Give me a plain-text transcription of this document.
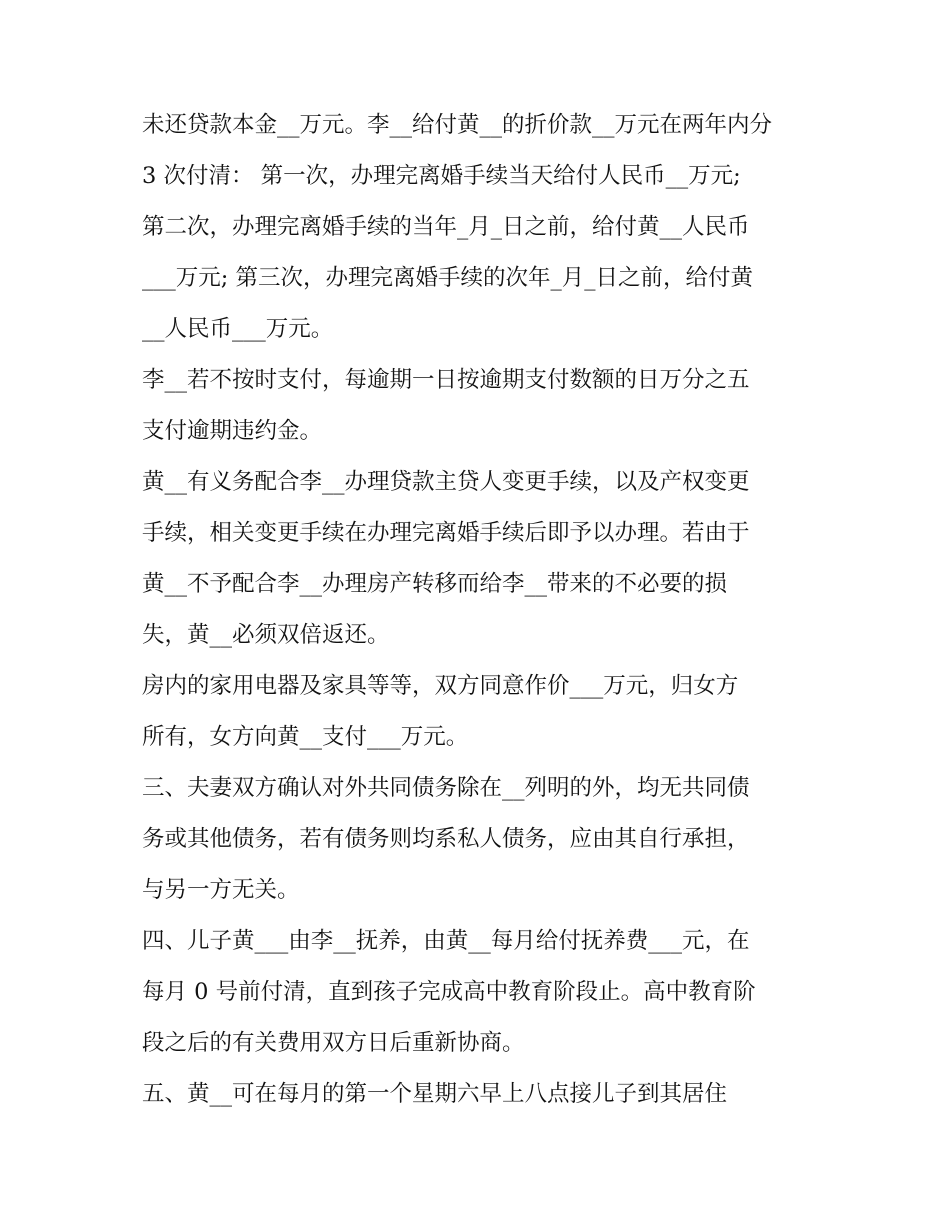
未还贷款本金__万元。李__给付黄__的折价款__万元在两年内分
3 次付清： 第一次，办理完离婚手续当天给付人民币__万元;
第二次，办理完离婚手续的当年_月_日之前，给付黄__人民币
___万元; 第三次，办理完离婚手续的次年_月_日之前，给付黄
__人民币___万元。
李__若不按时支付，每逾期一日按逾期支付数额的日万分之五
支付逾期违约金。
黄__有义务配合李__办理贷款主贷人变更手续，以及产权变更
手续，相关变更手续在办理完离婚手续后即予以办理。若由于
黄__不予配合李__办理房产转移而给李__带来的不必要的损
失，黄__必须双倍返还。
房内的家用电器及家具等等，双方同意作价___万元，归女方
所有，女方向黄__支付___万元。
三、夫妻双方确认对外共同债务除在__列明的外，均无共同债
务或其他债务，若有债务则均系私人债务，应由其自行承担，
与另一方无关。
四、儿子黄___由李__抚养，由黄__每月给付抚养费___元，在
每月 0 号前付清，直到孩子完成高中教育阶段止。高中教育阶
段之后的有关费用双方日后重新协商。
五、黄__可在每月的第一个星期六早上八点接儿子到其居住
